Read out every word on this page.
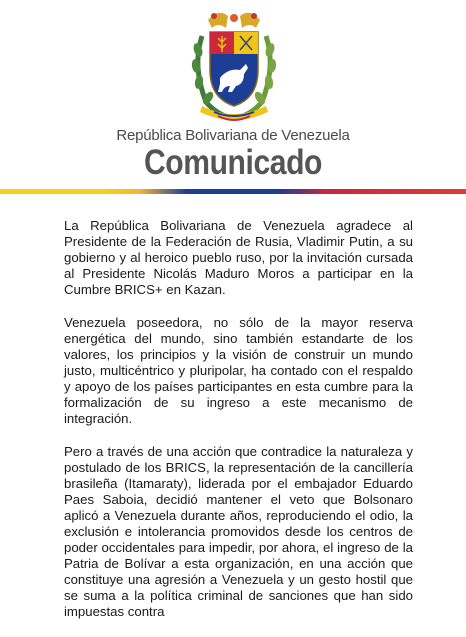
República Bolivariana de Venezuela
Comunicado
★★★★★★★★

La República Bolivariana de Venezuela agradece al Presidente de la Federación de Rusia, Vladimir Putin, a su gobierno y al heroico pueblo ruso, por la invitación cursada al Presidente Nicolás Maduro Moros a participar en la Cumbre BRICS+ en Kazan.

Venezuela poseedora, no sólo de la mayor reserva energética del mundo, sino también estandarte de los valores, los principios y la visión de construir un mundo justo, multicéntrico y pluripolar, ha contado con el respaldo y apoyo de los países participantes en esta cumbre para la formalización de su ingreso a este mecanismo de integración.

Pero a través de una acción que contradice la naturaleza y postulado de los BRICS, la representación de la cancillería brasileña (Itamaraty), liderada por el embajador Eduardo Paes Saboia, decidió mantener el veto que Bolsonaro aplicó a Venezuela durante años, reproduciendo el odio, la exclusión e intolerancia promovidos desde los centros de poder occidentales para impedir, por ahora, el ingreso de la Patria de Bolívar a esta organización, en una acción que constituye una agresión a Venezuela y un gesto hostil que se suma a la política criminal de sanciones que han sido impuestas contra
